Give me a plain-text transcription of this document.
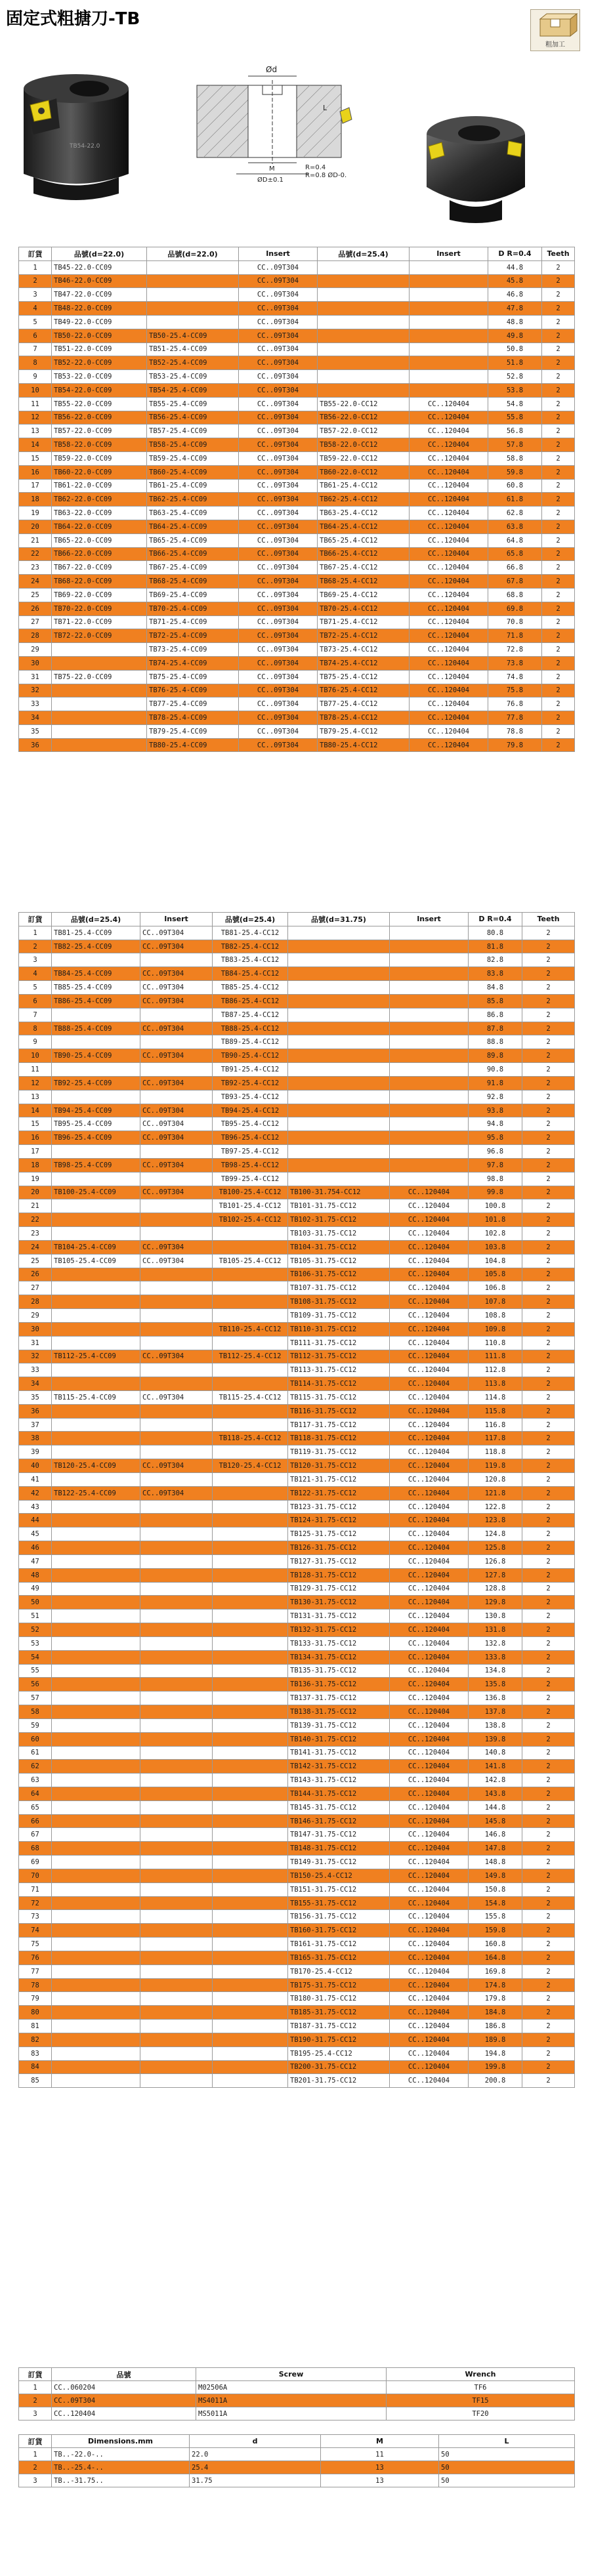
固定式粗搪刀-TB
粗加工
TB54-22.0
Ød
L
M
ØD±0.1
R=0.4
R=0.8 ØD-0.
訂貨	品號(d=22.0)	品號(d=22.0)	Insert	品號(d=25.4)	Insert	D R=0.4	Teeth
1	TB45-22.0-CC09		CC..09T304			44.8	2
2	TB46-22.0-CC09		CC..09T304			45.8	2
3	TB47-22.0-CC09		CC..09T304			46.8	2
4	TB48-22.0-CC09		CC..09T304			47.8	2
5	TB49-22.0-CC09		CC..09T304			48.8	2
6	TB50-22.0-CC09	TB50-25.4-CC09	CC..09T304			49.8	2
7	TB51-22.0-CC09	TB51-25.4-CC09	CC..09T304			50.8	2
8	TB52-22.0-CC09	TB52-25.4-CC09	CC..09T304			51.8	2
9	TB53-22.0-CC09	TB53-25.4-CC09	CC..09T304			52.8	2
10	TB54-22.0-CC09	TB54-25.4-CC09	CC..09T304			53.8	2
11	TB55-22.0-CC09	TB55-25.4-CC09	CC..09T304	TB55-22.0-CC12	CC..120404	54.8	2
12	TB56-22.0-CC09	TB56-25.4-CC09	CC..09T304	TB56-22.0-CC12	CC..120404	55.8	2
13	TB57-22.0-CC09	TB57-25.4-CC09	CC..09T304	TB57-22.0-CC12	CC..120404	56.8	2
14	TB58-22.0-CC09	TB58-25.4-CC09	CC..09T304	TB58-22.0-CC12	CC..120404	57.8	2
15	TB59-22.0-CC09	TB59-25.4-CC09	CC..09T304	TB59-22.0-CC12	CC..120404	58.8	2
16	TB60-22.0-CC09	TB60-25.4-CC09	CC..09T304	TB60-22.0-CC12	CC..120404	59.8	2
17	TB61-22.0-CC09	TB61-25.4-CC09	CC..09T304	TB61-25.4-CC12	CC..120404	60.8	2
18	TB62-22.0-CC09	TB62-25.4-CC09	CC..09T304	TB62-25.4-CC12	CC..120404	61.8	2
19	TB63-22.0-CC09	TB63-25.4-CC09	CC..09T304	TB63-25.4-CC12	CC..120404	62.8	2
20	TB64-22.0-CC09	TB64-25.4-CC09	CC..09T304	TB64-25.4-CC12	CC..120404	63.8	2
21	TB65-22.0-CC09	TB65-25.4-CC09	CC..09T304	TB65-25.4-CC12	CC..120404	64.8	2
22	TB66-22.0-CC09	TB66-25.4-CC09	CC..09T304	TB66-25.4-CC12	CC..120404	65.8	2
23	TB67-22.0-CC09	TB67-25.4-CC09	CC..09T304	TB67-25.4-CC12	CC..120404	66.8	2
24	TB68-22.0-CC09	TB68-25.4-CC09	CC..09T304	TB68-25.4-CC12	CC..120404	67.8	2
25	TB69-22.0-CC09	TB69-25.4-CC09	CC..09T304	TB69-25.4-CC12	CC..120404	68.8	2
26	TB70-22.0-CC09	TB70-25.4-CC09	CC..09T304	TB70-25.4-CC12	CC..120404	69.8	2
27	TB71-22.0-CC09	TB71-25.4-CC09	CC..09T304	TB71-25.4-CC12	CC..120404	70.8	2
28	TB72-22.0-CC09	TB72-25.4-CC09	CC..09T304	TB72-25.4-CC12	CC..120404	71.8	2
29		TB73-25.4-CC09	CC..09T304	TB73-25.4-CC12	CC..120404	72.8	2
30		TB74-25.4-CC09	CC..09T304	TB74-25.4-CC12	CC..120404	73.8	2
31	TB75-22.0-CC09	TB75-25.4-CC09	CC..09T304	TB75-25.4-CC12	CC..120404	74.8	2
32		TB76-25.4-CC09	CC..09T304	TB76-25.4-CC12	CC..120404	75.8	2
33		TB77-25.4-CC09	CC..09T304	TB77-25.4-CC12	CC..120404	76.8	2
34		TB78-25.4-CC09	CC..09T304	TB78-25.4-CC12	CC..120404	77.8	2
35		TB79-25.4-CC09	CC..09T304	TB79-25.4-CC12	CC..120404	78.8	2
36		TB80-25.4-CC09	CC..09T304	TB80-25.4-CC12	CC..120404	79.8	2
訂貨	品號(d=25.4)	Insert	品號(d=25.4)	品號(d=31.75)	Insert	D R=0.4	Teeth
1	TB81-25.4-CC09	CC..09T304	TB81-25.4-CC12			80.8	2
2	TB82-25.4-CC09	CC..09T304	TB82-25.4-CC12			81.8	2
3			TB83-25.4-CC12			82.8	2
4	TB84-25.4-CC09	CC..09T304	TB84-25.4-CC12			83.8	2
5	TB85-25.4-CC09	CC..09T304	TB85-25.4-CC12			84.8	2
6	TB86-25.4-CC09	CC..09T304	TB86-25.4-CC12			85.8	2
7			TB87-25.4-CC12			86.8	2
8	TB88-25.4-CC09	CC..09T304	TB88-25.4-CC12			87.8	2
9			TB89-25.4-CC12			88.8	2
10	TB90-25.4-CC09	CC..09T304	TB90-25.4-CC12			89.8	2
11			TB91-25.4-CC12			90.8	2
12	TB92-25.4-CC09	CC..09T304	TB92-25.4-CC12			91.8	2
13			TB93-25.4-CC12			92.8	2
14	TB94-25.4-CC09	CC..09T304	TB94-25.4-CC12			93.8	2
15	TB95-25.4-CC09	CC..09T304	TB95-25.4-CC12			94.8	2
16	TB96-25.4-CC09	CC..09T304	TB96-25.4-CC12			95.8	2
17			TB97-25.4-CC12			96.8	2
18	TB98-25.4-CC09	CC..09T304	TB98-25.4-CC12			97.8	2
19			TB99-25.4-CC12			98.8	2
20	TB100-25.4-CC09	CC..09T304	TB100-25.4-CC12	TB100-31.754-CC12	CC..120404	99.8	2
21			TB101-25.4-CC12	TB101-31.75-CC12	CC..120404	100.8	2
22			TB102-25.4-CC12	TB102-31.75-CC12	CC..120404	101.8	2
23				TB103-31.75-CC12	CC..120404	102.8	2
24	TB104-25.4-CC09	CC..09T304		TB104-31.75-CC12	CC..120404	103.8	2
25	TB105-25.4-CC09	CC..09T304	TB105-25.4-CC12	TB105-31.75-CC12	CC..120404	104.8	2
26				TB106-31.75-CC12	CC..120404	105.8	2
27				TB107-31.75-CC12	CC..120404	106.8	2
28				TB108-31.75-CC12	CC..120404	107.8	2
29				TB109-31.75-CC12	CC..120404	108.8	2
30			TB110-25.4-CC12	TB110-31.75-CC12	CC..120404	109.8	2
31				TB111-31.75-CC12	CC..120404	110.8	2
32	TB112-25.4-CC09	CC..09T304	TB112-25.4-CC12	TB112-31.75-CC12	CC..120404	111.8	2
33				TB113-31.75-CC12	CC..120404	112.8	2
34				TB114-31.75-CC12	CC..120404	113.8	2
35	TB115-25.4-CC09	CC..09T304	TB115-25.4-CC12	TB115-31.75-CC12	CC..120404	114.8	2
36				TB116-31.75-CC12	CC..120404	115.8	2
37				TB117-31.75-CC12	CC..120404	116.8	2
38			TB118-25.4-CC12	TB118-31.75-CC12	CC..120404	117.8	2
39				TB119-31.75-CC12	CC..120404	118.8	2
40	TB120-25.4-CC09	CC..09T304	TB120-25.4-CC12	TB120-31.75-CC12	CC..120404	119.8	2
41				TB121-31.75-CC12	CC..120404	120.8	2
42	TB122-25.4-CC09	CC..09T304		TB122-31.75-CC12	CC..120404	121.8	2
43				TB123-31.75-CC12	CC..120404	122.8	2
44				TB124-31.75-CC12	CC..120404	123.8	2
45				TB125-31.75-CC12	CC..120404	124.8	2
46				TB126-31.75-CC12	CC..120404	125.8	2
47				TB127-31.75-CC12	CC..120404	126.8	2
48				TB128-31.75-CC12	CC..120404	127.8	2
49				TB129-31.75-CC12	CC..120404	128.8	2
50				TB130-31.75-CC12	CC..120404	129.8	2
51				TB131-31.75-CC12	CC..120404	130.8	2
52				TB132-31.75-CC12	CC..120404	131.8	2
53				TB133-31.75-CC12	CC..120404	132.8	2
54				TB134-31.75-CC12	CC..120404	133.8	2
55				TB135-31.75-CC12	CC..120404	134.8	2
56				TB136-31.75-CC12	CC..120404	135.8	2
57				TB137-31.75-CC12	CC..120404	136.8	2
58				TB138-31.75-CC12	CC..120404	137.8	2
59				TB139-31.75-CC12	CC..120404	138.8	2
60				TB140-31.75-CC12	CC..120404	139.8	2
61				TB141-31.75-CC12	CC..120404	140.8	2
62				TB142-31.75-CC12	CC..120404	141.8	2
63				TB143-31.75-CC12	CC..120404	142.8	2
64				TB144-31.75-CC12	CC..120404	143.8	2
65				TB145-31.75-CC12	CC..120404	144.8	2
66				TB146-31.75-CC12	CC..120404	145.8	2
67				TB147-31.75-CC12	CC..120404	146.8	2
68				TB148-31.75-CC12	CC..120404	147.8	2
69				TB149-31.75-CC12	CC..120404	148.8	2
70				TB150-25.4-CC12	CC..120404	149.8	2
71				TB151-31.75-CC12	CC..120404	150.8	2
72				TB155-31.75-CC12	CC..120404	154.8	2
73				TB156-31.75-CC12	CC..120404	155.8	2
74				TB160-31.75-CC12	CC..120404	159.8	2
75				TB161-31.75-CC12	CC..120404	160.8	2
76				TB165-31.75-CC12	CC..120404	164.8	2
77				TB170-25.4-CC12	CC..120404	169.8	2
78				TB175-31.75-CC12	CC..120404	174.8	2
79				TB180-31.75-CC12	CC..120404	179.8	2
80				TB185-31.75-CC12	CC..120404	184.8	2
81				TB187-31.75-CC12	CC..120404	186.8	2
82				TB190-31.75-CC12	CC..120404	189.8	2
83				TB195-25.4-CC12	CC..120404	194.8	2
84				TB200-31.75-CC12	CC..120404	199.8	2
85				TB201-31.75-CC12	CC..120404	200.8	2
訂貨	品號	Screw	Wrench
1	CC..060204	M02506A	TF6
2	CC..09T304	MS4011A	TF15
3	CC..120404	MS5011A	TF20
訂貨	Dimensions.mm	d	M	L
1	TB..-22.0-..	22.0	11	50
2	TB..-25.4-..	25.4	13	50
3	TB..-31.75..	31.75	13	50
